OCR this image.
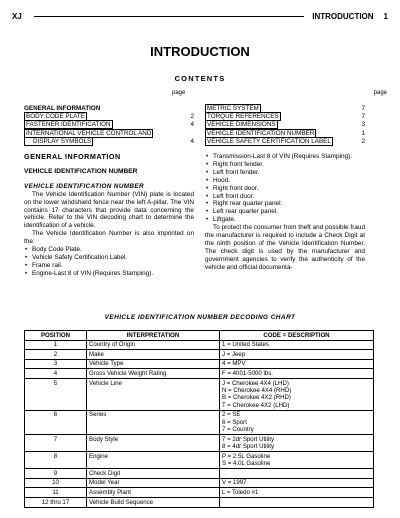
XJ	INTRODUCTION 1
INTRODUCTION
CONTENTS
page	page
GENERAL INFORMATION
BODY CODE PLATE	2
FASTENER IDENTIFICATION	4
INTERNATIONAL VEHICLE CONTROL AND
DISPLAY SYMBOLS	4
METRIC SYSTEM	7
TORQUE REFERENCES	7
VEHICLE DIMENSIONS	3
VEHICLE IDENTIFICATION NUMBER	1
VEHICLE SAFETY CERTIFICATION LABEL	2
GENERAL INFORMATION
VEHICLE IDENTIFICATION NUMBER
VEHICLE IDENTIFICATION NUMBER
The Vehicle Identification Number (VIN) plate is located on the lower windshield fence near the left A-pillar. The VIN contains 17 characters that provide data concerning the vehicle. Refer to the VIN decoding chart to determine the identification of a vehicle.
The Vehicle Identification Number is also imprinted on the:
• Body Code Plate.
• Vehicle Safety Certification Label.
• Frame rail.
• Engine-Last 8 of VIN (Requires Stamping).
• Transmission-Last 8 of VIN (Requires Stamping).
• Right front fender.
• Left front fender.
• Hood.
• Right front door.
• Left front door.
• Right rear quarter panel.
• Left rear quarter panel.
• Liftgate.
To protect the consumer from theft and possible fraud the manufacturer is required to include a Check Digit at the ninth position of the Vehicle Identification Number. The check digit is used by the manufacturer and government agencies to verify the authenticity of the vehicle and official documenta-
VEHICLE IDENTIFICATION NUMBER DECODING CHART
POSITION	INTERPRETATION	CODE = DESCRIPTION
1	Country of Origin	1 = United States

2	Make	J = Jeep

3	Vehicle Type	4 = MPV

4	Gross Vehicle Weight Rating	F = 4001-5000 lbs.

5	Vehicle Line	J = Cherokee 4X4 (LHD)
N = Cherokee 4X4 (RHD)
B = Cherokee 4X2 (RHD)
T = Cherokee 4X2 (LHD)

6	Series	2 = SE
6 = Sport
7 = Country

7	Body Style	7 = 2dr Sport Utility
8 = 4dr Sport Utility

8	Engine	P = 2.5L Gasoline
S = 4.0L Gasoline

9	Check Digit	

10	Model Year	V = 1997

11	Assembly Plant	L = Toledo #1

12 thru 17	Vehicle Build Sequence	
